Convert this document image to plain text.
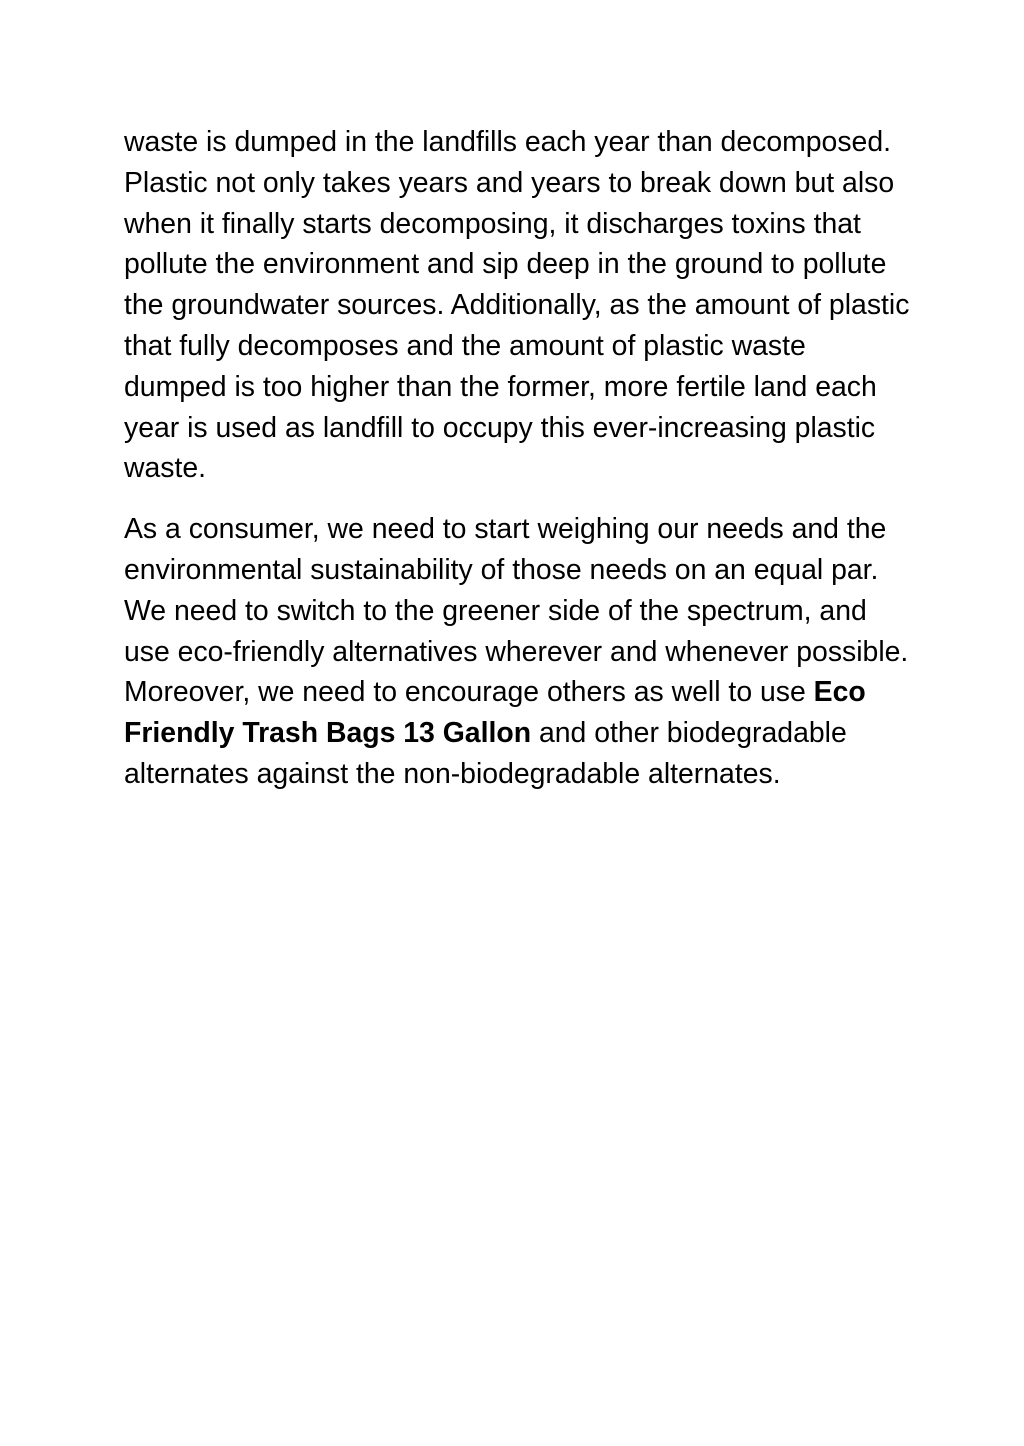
waste is dumped in the landfills each year than decomposed. Plastic not only takes years and years to break down but also when it finally starts decomposing, it discharges toxins that pollute the environment and sip deep in the ground to pollute the groundwater sources. Additionally, as the amount of plastic that fully decomposes and the amount of plastic waste dumped is too higher than the former, more fertile land each year is used as landfill to occupy this ever-increasing plastic waste.

As a consumer, we need to start weighing our needs and the environmental sustainability of those needs on an equal par. We need to switch to the greener side of the spectrum, and use eco-friendly alternatives wherever and whenever possible. Moreover, we need to encourage others as well to use Eco Friendly Trash Bags 13 Gallon and other biodegradable alternates against the non-biodegradable alternates.
